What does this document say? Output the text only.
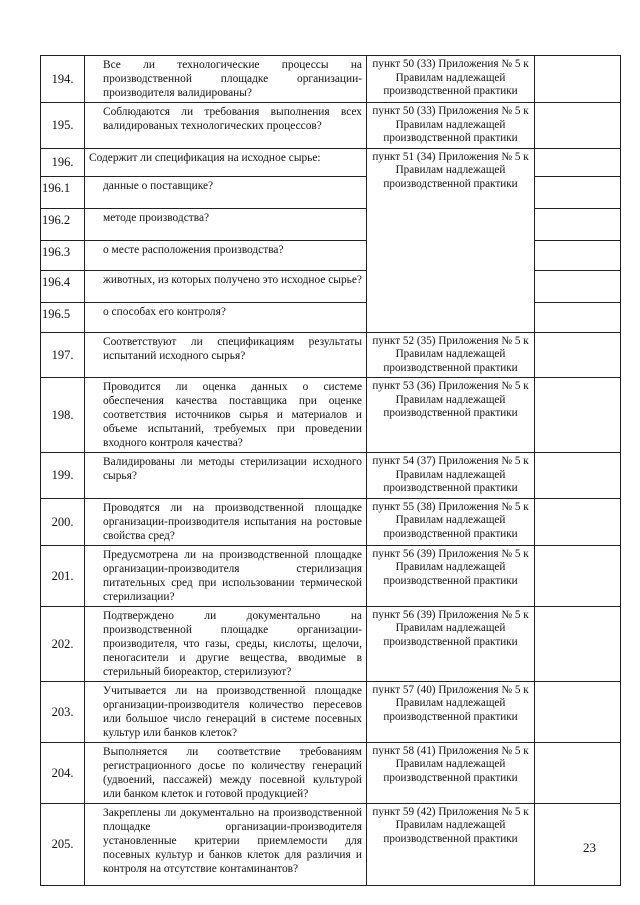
194.	Все ли технологические процессы на производственной площадке организации-производителя валидированы?	пункт 50 (33) Приложения № 5 к Правилам надлежащей производственной практики	
195.	Соблюдаются ли требования выполнения всех валидированых технологических процессов?	пункт 50 (33) Приложения № 5 к Правилам надлежащей производственной практики	
196.	Содержит ли спецификация на исходное сырье:	пункт 51 (34) Приложения № 5 к Правилам надлежащей производственной практики	
196.1	данные о поставщике?		
196.2	методе производства?		
196.3	о месте расположения производства?		
196.4	животных, из которых получено это исходное сырье?		
196.5	о способах его контроля?		
197.	Соответствуют ли спецификациям результаты испытаний исходного сырья?	пункт 52 (35) Приложения № 5 к Правилам надлежащей производственной практики	
198.	Проводится ли оценка данных о системе обеспечения качества поставщика при оценке соответствия источников сырья и материалов и объеме испытаний, требуемых при проведении входного контроля качества?	пункт 53 (36) Приложения № 5 к Правилам надлежащей производственной практики	
199.	Валидированы ли методы стерилизации исходного сырья?	пункт 54 (37) Приложения № 5 к Правилам надлежащей производственной практики	
200.	Проводятся ли на производственной площадке организации-производителя испытания на ростовые свойства сред?	пункт 55 (38) Приложения № 5 к Правилам надлежащей производственной практики	
201.	Предусмотрена ли на производственной площадке организации-производителя стерилизация питательных сред при использовании термической стерилизации?	пункт 56 (39) Приложения № 5 к Правилам надлежащей производственной практики	
202.	Подтверждено ли документально на производственной площадке организации-производителя, что газы, среды, кислоты, щелочи, пеногасители и другие вещества, вводимые в стерильный биореактор, стерилизуют?	пункт 56 (39) Приложения № 5 к Правилам надлежащей производственной практики	
203.	Учитывается ли на производственной площадке организации-производителя количество пересевов или большое число генераций в системе посевных культур или банков клеток?	пункт 57 (40) Приложения № 5 к Правилам надлежащей производственной практики	
204.	Выполняется ли соответствие требованиям регистрационного досье по количеству генераций (удвоений, пассажей) между посевной культурой или банком клеток и готовой продукцией?	пункт 58 (41) Приложения № 5 к Правилам надлежащей производственной практики	
205.	Закреплены ли документально на производственной площадке организации-производителя установленные критерии приемлемости для посевных культур и банков клеток для различия и контроля на отсутствие контаминантов?	пункт 59 (42) Приложения № 5 к Правилам надлежащей производственной практики	
23
